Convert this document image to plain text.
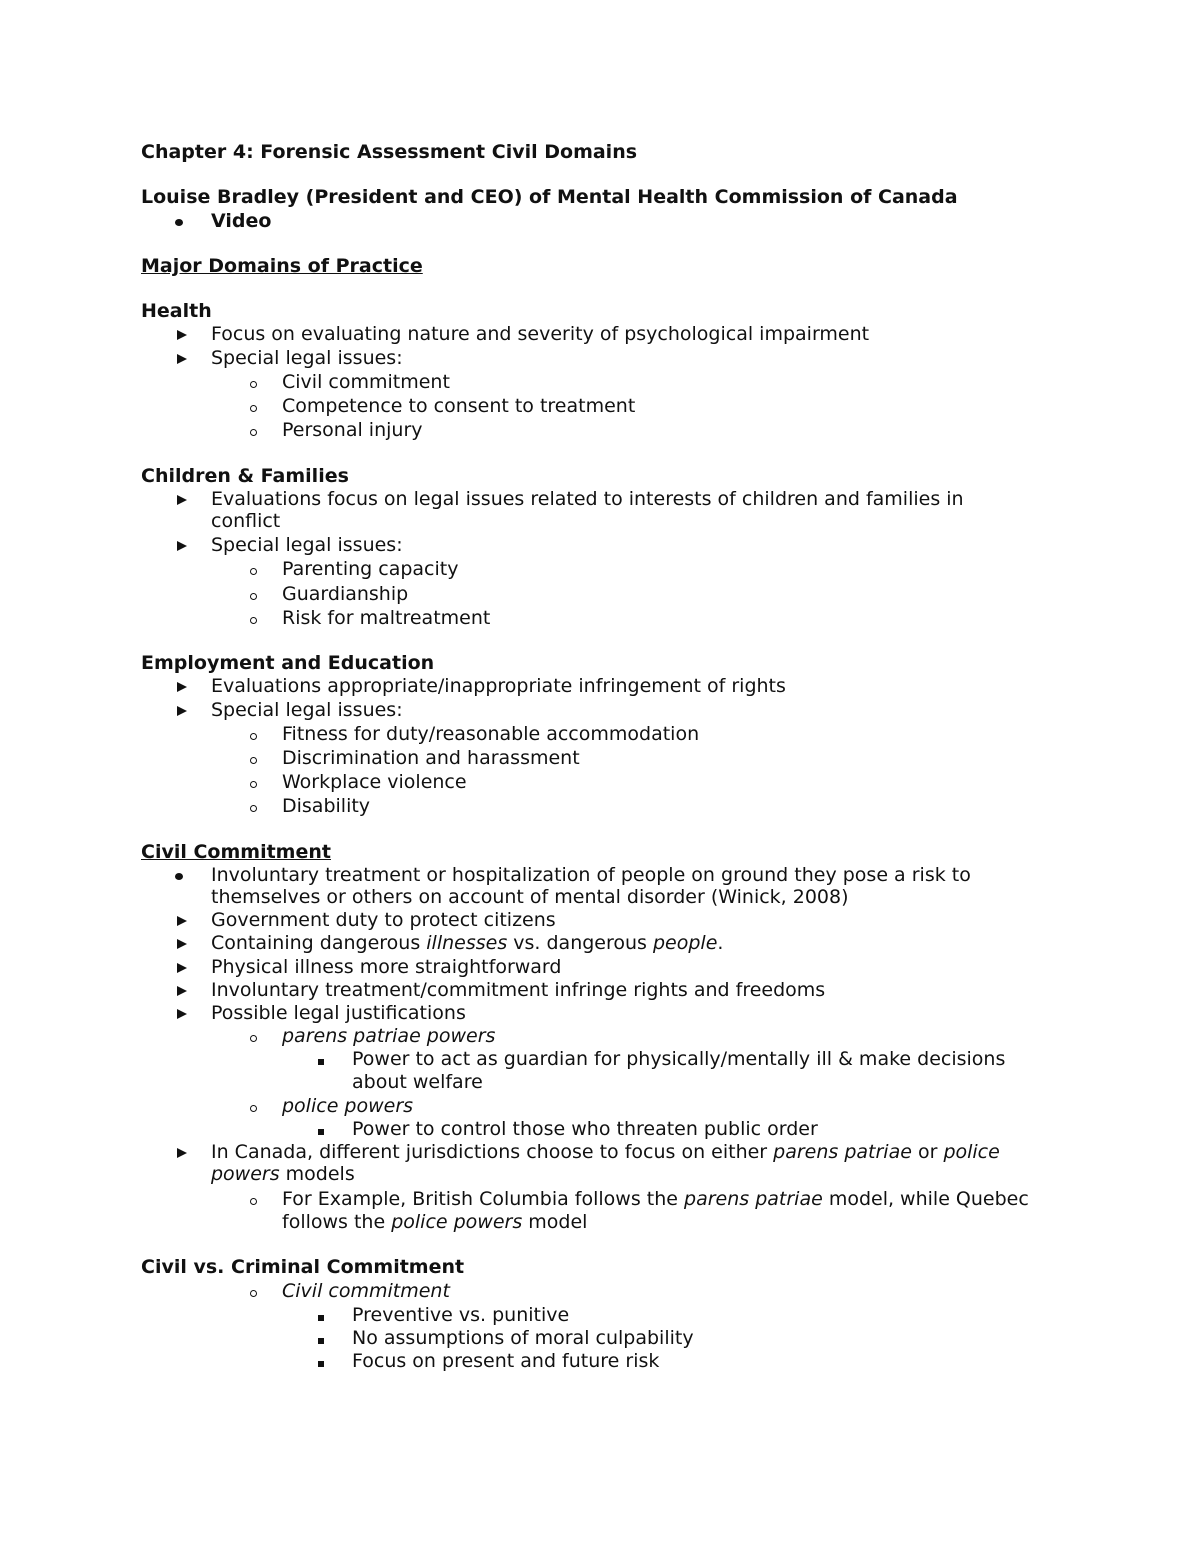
Chapter 4: Forensic Assessment Civil Domains
Louise Bradley (President and CEO) of Mental Health Commission of Canada
Video
Major Domains of Practice
Health
Focus on evaluating nature and severity of psychological impairment
Special legal issues:
Civil commitment
Competence to consent to treatment
Personal injury
Children & Families
Evaluations focus on legal issues related to interests of children and families in
conflict
Special legal issues:
Parenting capacity
Guardianship
Risk for maltreatment
Employment and Education
Evaluations appropriate/inappropriate infringement of rights
Special legal issues:
Fitness for duty/reasonable accommodation
Discrimination and harassment
Workplace violence
Disability
Civil Commitment
Involuntary treatment or hospitalization of people on ground they pose a risk to
themselves or others on account of mental disorder (Winick, 2008)
Government duty to protect citizens
Containing dangerous illnesses vs. dangerous people.
Physical illness more straightforward
Involuntary treatment/commitment infringe rights and freedoms
Possible legal justifications
parens patriae powers
Power to act as guardian for physically/mentally ill & make decisions
about welfare
police powers
Power to control those who threaten public order
In Canada, different jurisdictions choose to focus on either parens patriae or police
powers models
For Example, British Columbia follows the parens patriae model, while Quebec
follows the police powers model
Civil vs. Criminal Commitment
Civil commitment
Preventive vs. punitive
No assumptions of moral culpability
Focus on present and future risk
